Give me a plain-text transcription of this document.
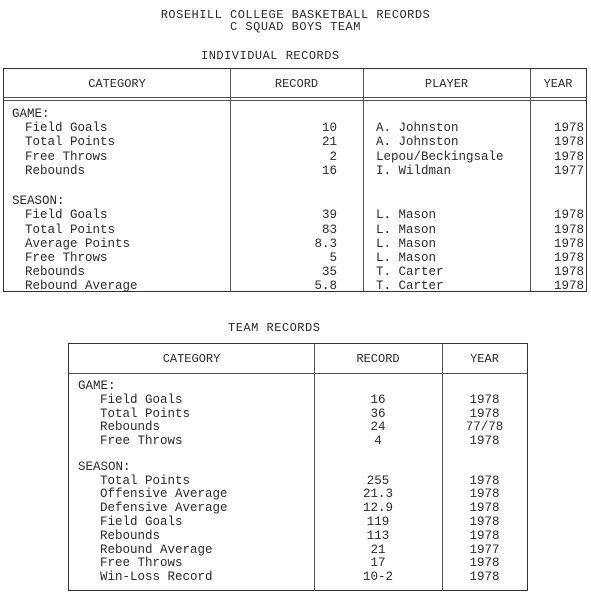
ROSEHILL COLLEGE BASKETBALL RECORDS
C SQUAD BOYS TEAM
INDIVIDUAL RECORDS
CATEGORY	RECORD	PLAYER	YEAR
GAME:
Field Goals	10	A. Johnston	1978
Total Points	21	A. Johnston	1978
Free Throws	2	Lepou/Beckingsale	1978
Rebounds	16	I. Wildman	1977
SEASON:
Field Goals	39	L. Mason	1978
Total Points	83	L. Mason	1978
Average Points	8.3	L. Mason	1978
Free Throws	5	L. Mason	1978
Rebounds	35	T. Carter	1978
Rebound Average	5.8	T. Carter	1978
TEAM RECORDS
CATEGORY	RECORD	YEAR
GAME:
Field Goals	16	1978
Total Points	36	1978
Rebounds	24	77/78
Free Throws	4	1978
SEASON:
Total Points	255	1978
Offensive Average	21.3	1978
Defensive Average	12.9	1978
Field Goals	119	1978
Rebounds	113	1978
Rebound Average	21	1977
Free Throws	17	1978
Win-Loss Record	10-2	1978
